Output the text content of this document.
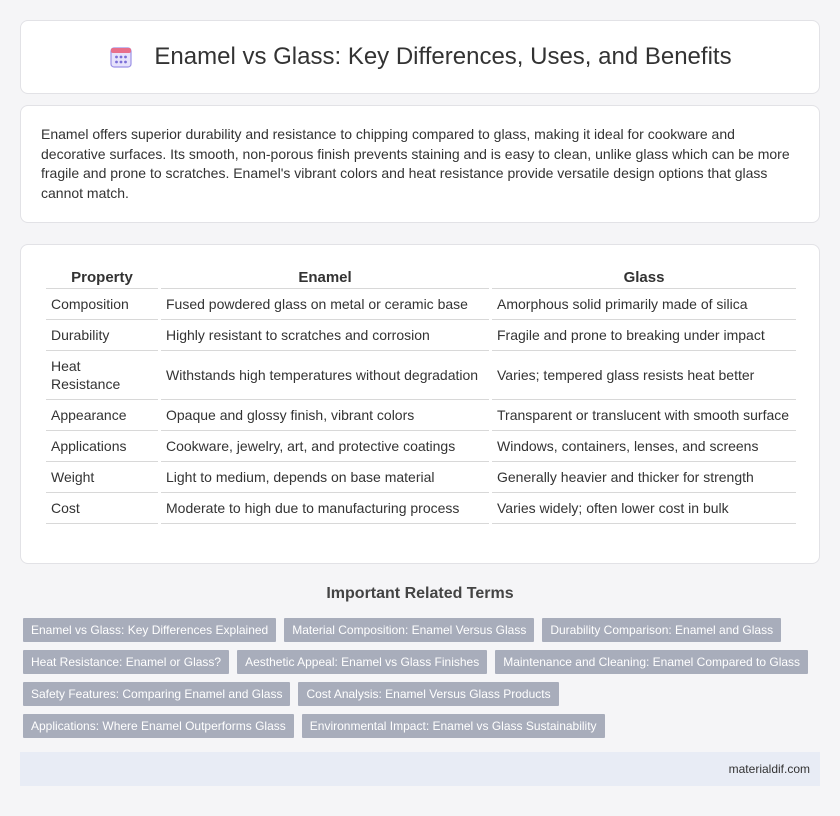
Enamel vs Glass: Key Differences, Uses, and Benefits

Enamel offers superior durability and resistance to chipping compared to glass, making it ideal for cookware and decorative surfaces. Its smooth, non-porous finish prevents staining and is easy to clean, unlike glass which can be more fragile and prone to scratches. Enamel's vibrant colors and heat resistance provide versatile design options that glass cannot match.

Property	Enamel	Glass
Composition	Fused powdered glass on metal or ceramic base	Amorphous solid primarily made of silica
Durability	Highly resistant to scratches and corrosion	Fragile and prone to breaking under impact
Heat Resistance	Withstands high temperatures without degradation	Varies; tempered glass resists heat better
Appearance	Opaque and glossy finish, vibrant colors	Transparent or translucent with smooth surface
Applications	Cookware, jewelry, art, and protective coatings	Windows, containers, lenses, and screens
Weight	Light to medium, depends on base material	Generally heavier and thicker for strength
Cost	Moderate to high due to manufacturing process	Varies widely; often lower cost in bulk
Important Related Terms
Enamel vs Glass: Key Differences Explained	Material Composition: Enamel Versus Glass	Durability Comparison: Enamel and Glass
Heat Resistance: Enamel or Glass?	Aesthetic Appeal: Enamel vs Glass Finishes	Maintenance and Cleaning: Enamel Compared to Glass
Safety Features: Comparing Enamel and Glass	Cost Analysis: Enamel Versus Glass Products
Applications: Where Enamel Outperforms Glass	Environmental Impact: Enamel vs Glass Sustainability
materialdif.com
